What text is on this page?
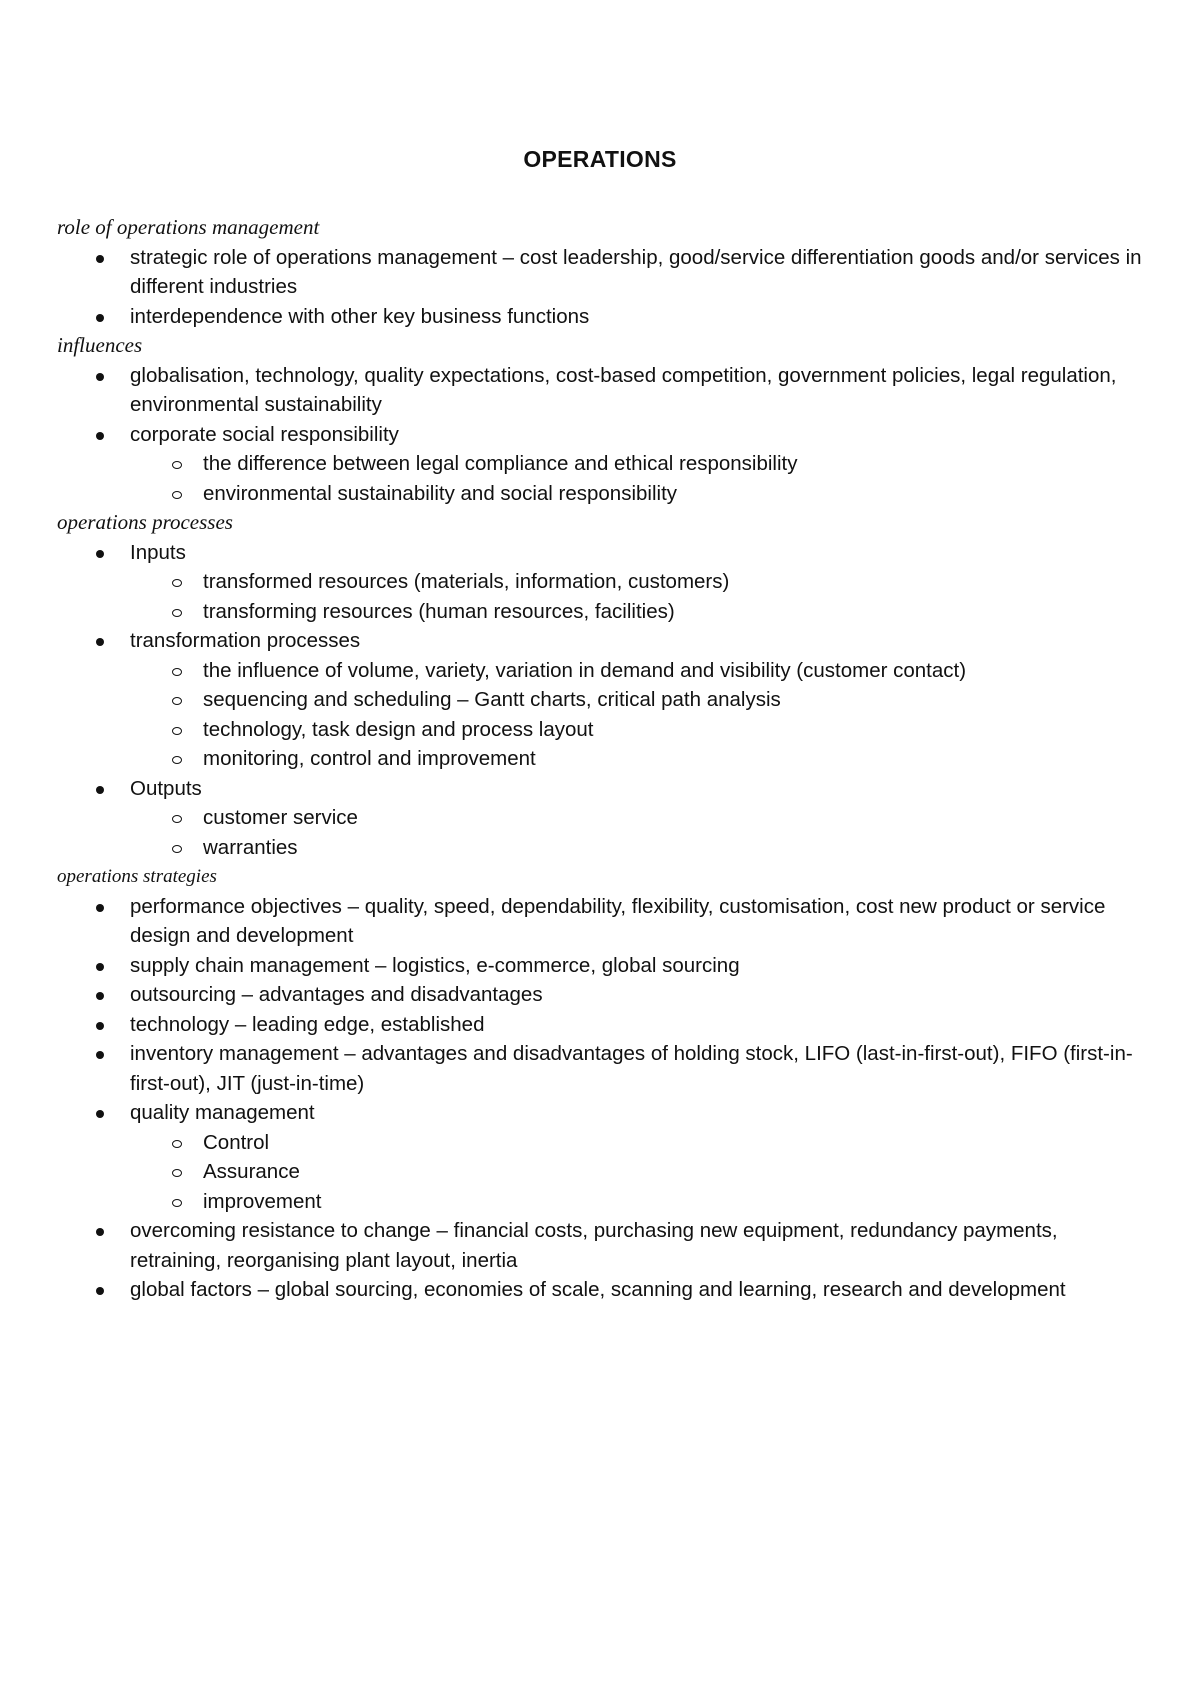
OPERATIONS

role of operations management

strategic role of operations management – cost leadership, good/service differentiation goods and/or services in different industries
interdependence with other key business functions

influences

globalisation, technology, quality expectations, cost-based competition, government policies, legal regulation, environmental sustainability
corporate social responsibility
the difference between legal compliance and ethical responsibility
environmental sustainability and social responsibility

operations processes

Inputs
transformed resources (materials, information, customers)
transforming resources (human resources, facilities)
transformation processes
the influence of volume, variety, variation in demand and visibility (customer contact)
sequencing and scheduling – Gantt charts, critical path analysis
technology, task design and process layout
monitoring, control and improvement
Outputs
customer service
warranties

operations strategies

performance objectives – quality, speed, dependability, flexibility, customisation, cost new product or service design and development
supply chain management – logistics, e-commerce, global sourcing
outsourcing – advantages and disadvantages
technology – leading edge, established
inventory management – advantages and disadvantages of holding stock, LIFO (last-in-first-out), FIFO (first-in-first-out), JIT (just-in-time)
quality management
Control
Assurance
improvement
overcoming resistance to change – financial costs, purchasing new equipment, redundancy payments, retraining, reorganising plant layout, inertia
global factors – global sourcing, economies of scale, scanning and learning, research and development
